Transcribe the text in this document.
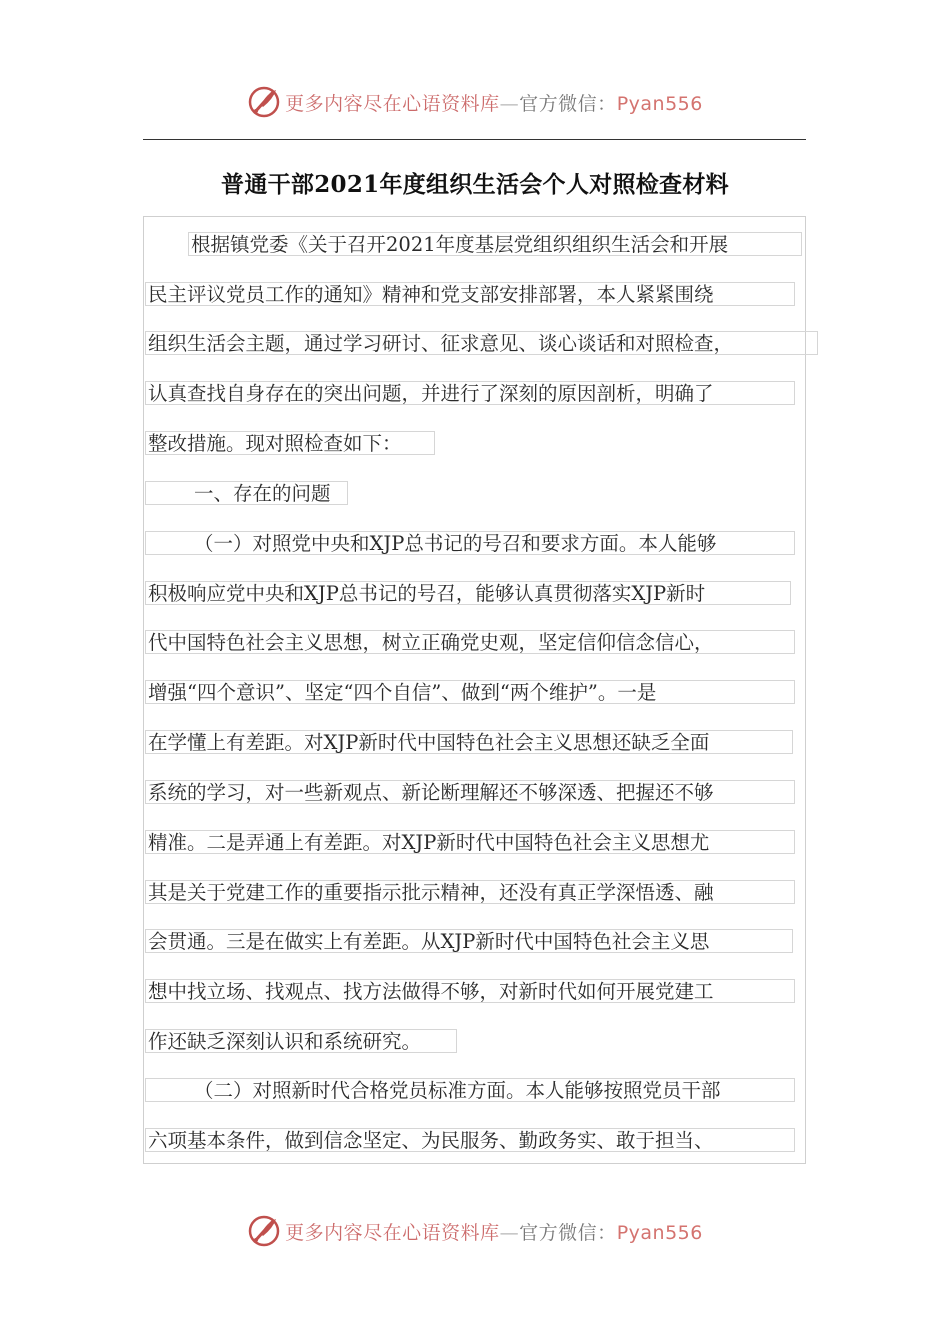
更多内容尽在心语资料库—官方微信：Pyan556
普通干部2021年度组织生活会个人对照检查材料
根据镇党委《关于召开2021年度基层党组织组织生活会和开展
民主评议党员工作的通知》精神和党支部安排部署，本人紧紧围绕
组织生活会主题，通过学习研讨、征求意见、谈心谈话和对照检查，
认真查找自身存在的突出问题，并进行了深刻的原因剖析，明确了
整改措施。现对照检查如下：
一、存在的问题
（一）对照党中央和XJP总书记的号召和要求方面。本人能够
积极响应党中央和XJP总书记的号召，能够认真贯彻落实XJP新时
代中国特色社会主义思想，树立正确党史观，坚定信仰信念信心，
增强“四个意识”、坚定“四个自信”、做到“两个维护”。一是
在学懂上有差距。对XJP新时代中国特色社会主义思想还缺乏全面
系统的学习，对一些新观点、新论断理解还不够深透、把握还不够
精准。二是弄通上有差距。对XJP新时代中国特色社会主义思想尤
其是关于党建工作的重要指示批示精神，还没有真正学深悟透、融
会贯通。三是在做实上有差距。从XJP新时代中国特色社会主义思
想中找立场、找观点、找方法做得不够，对新时代如何开展党建工
作还缺乏深刻认识和系统研究。
（二）对照新时代合格党员标准方面。本人能够按照党员干部
六项基本条件，做到信念坚定、为民服务、勤政务实、敢于担当、
更多内容尽在心语资料库—官方微信：Pyan556
